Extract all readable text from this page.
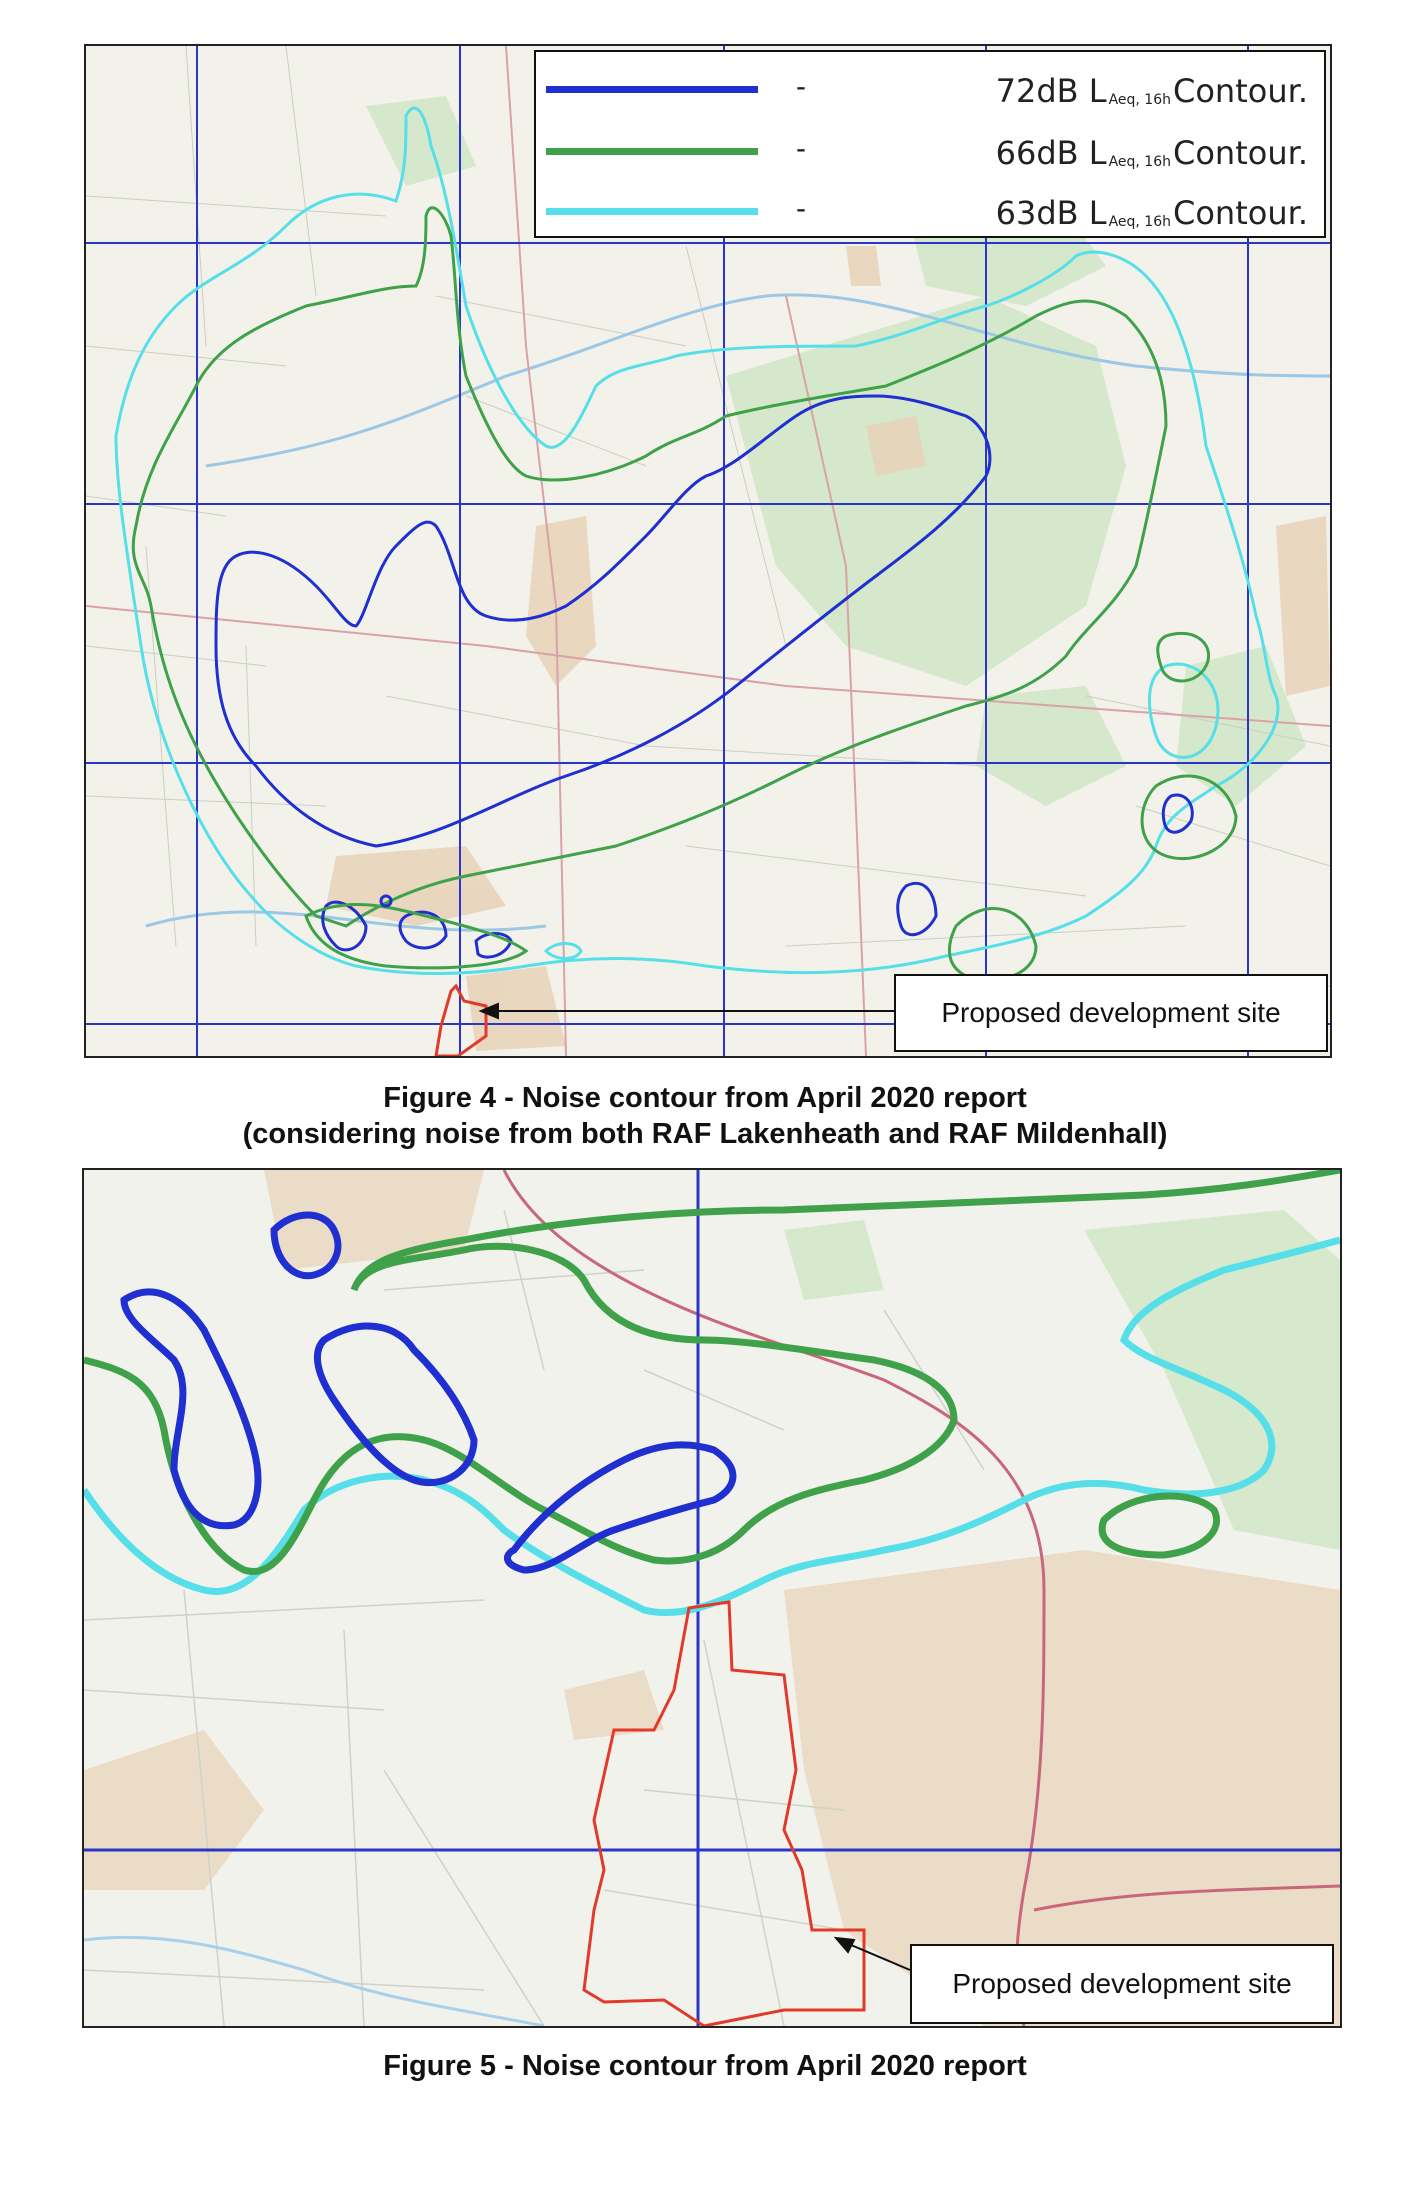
-	72dB L $_{Aeq, 16h}$Contour.
-	66dB L $_{Aeq, 16h}$Contour.
-	63dB L $_{Aeq, 16h}$Contour.
Proposed development site
Figure 4 - Noise contour from April 2020 report
(considering noise from both RAF Lakenheath and RAF Mildenhall)
Proposed development site
Figure 5 - Noise contour from April 2020 report
